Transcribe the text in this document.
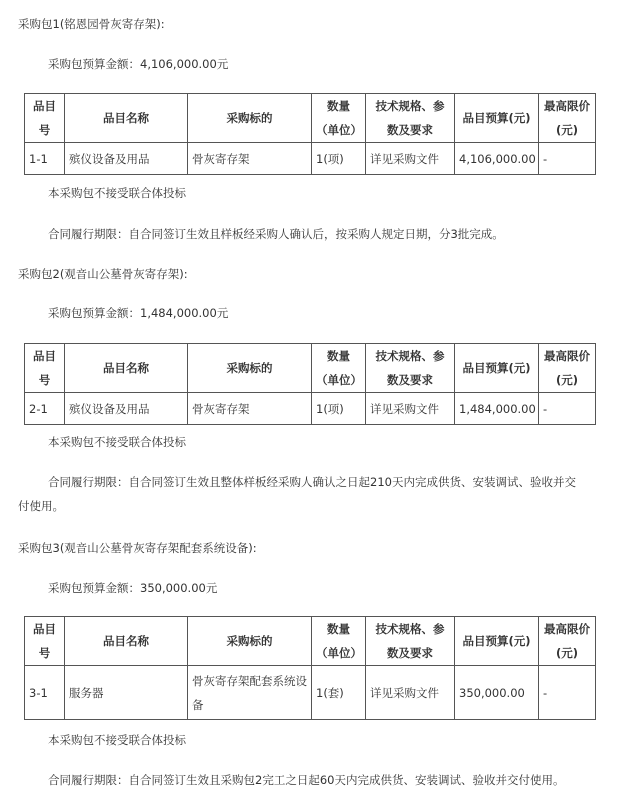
采购包1(铭恩园骨灰寄存架):
采购包预算金额：4,106,000.00元
品目号	品目名称	采购标的	数量（单位）	技术规格、参数及要求	品目预算(元)	最高限价(元)
1-1	殡仪设备及用品	骨灰寄存架	1(项)	详见采购文件	4,106,000.00	-
本采购包不接受联合体投标
合同履行期限：自合同签订生效且样板经采购人确认后，按采购人规定日期，分3批完成。
采购包2(观音山公墓骨灰寄存架):
采购包预算金额：1,484,000.00元
品目号	品目名称	采购标的	数量（单位）	技术规格、参数及要求	品目预算(元)	最高限价(元)
2-1	殡仪设备及用品	骨灰寄存架	1(项)	详见采购文件	1,484,000.00	-
本采购包不接受联合体投标
合同履行期限：自合同签订生效且整体样板经采购人确认之日起210天内完成供货、安装调试、验收并交
付使用。
采购包3(观音山公墓骨灰寄存架配套系统设备):
采购包预算金额：350,000.00元
品目号	品目名称	采购标的	数量（单位）	技术规格、参数及要求	品目预算(元)	最高限价(元)
3-1	服务器	骨灰寄存架配套系统设备	1(套)	详见采购文件	350,000.00	-
本采购包不接受联合体投标
合同履行期限：自合同签订生效且采购包2完工之日起60天内完成供货、安装调试、验收并交付使用。
